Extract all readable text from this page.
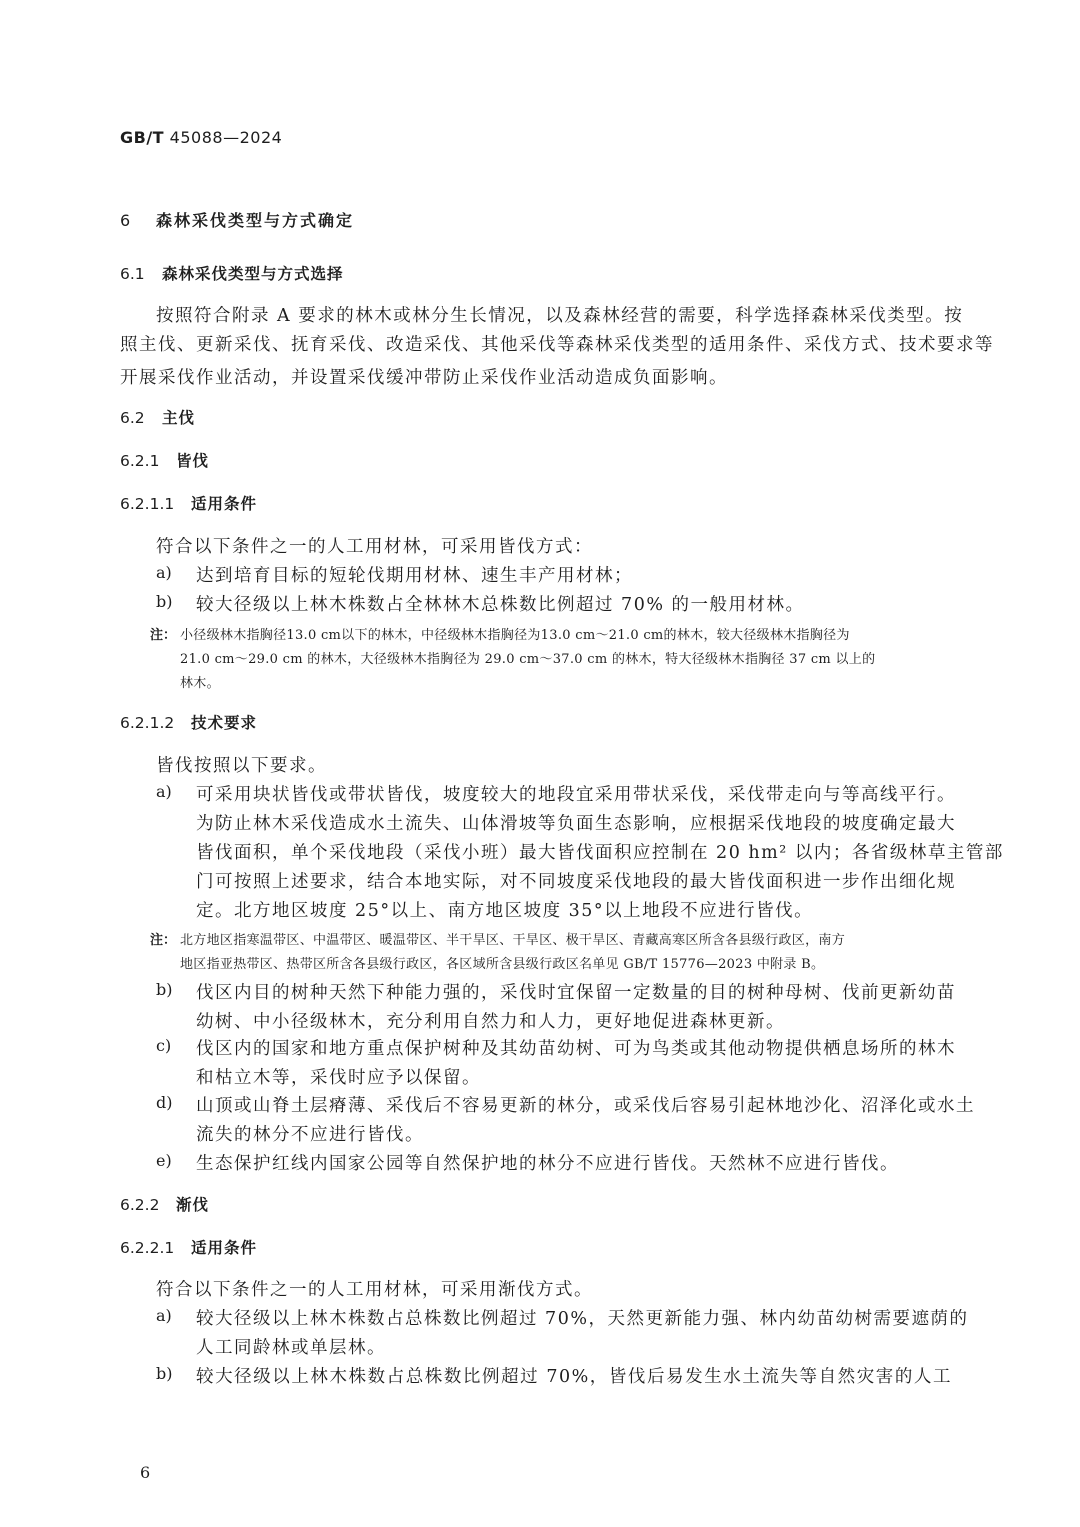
GB/T 45088—2024
6 森林采伐类型与方式确定
6.1 森林采伐类型与方式选择
按照符合附录 A 要求的林木或林分生长情况，以及森林经营的需要，科学选择森林采伐类型。按
照主伐、更新采伐、抚育采伐、改造采伐、其他采伐等森林采伐类型的适用条件、采伐方式、技术要求等
开展采伐作业活动，并设置采伐缓冲带防止采伐作业活动造成负面影响。
6.2 主伐
6.2.1 皆伐
6.2.1.1 适用条件
符合以下条件之一的人工用材林，可采用皆伐方式：
a) 达到培育目标的短轮伐期用材林、速生丰产用材林；
b) 较大径级以上林木株数占全林林木总株数比例超过 70% 的一般用材林。
注： 小径级林木指胸径13.0 cm以下的林木，中径级林木指胸径为13.0 cm～21.0 cm的林木，较大径级林木指胸径为
21.0 cm～29.0 cm 的林木，大径级林木指胸径为 29.0 cm～37.0 cm 的林木，特大径级林木指胸径 37 cm 以上的
林木。
6.2.1.2 技术要求
皆伐按照以下要求。
a) 可采用块状皆伐或带状皆伐，坡度较大的地段宜采用带状采伐，采伐带走向与等高线平行。
为防止林木采伐造成水土流失、山体滑坡等负面生态影响，应根据采伐地段的坡度确定最大
皆伐面积，单个采伐地段（采伐小班）最大皆伐面积应控制在 20 hm² 以内；各省级林草主管部
门可按照上述要求，结合本地实际，对不同坡度采伐地段的最大皆伐面积进一步作出细化规
定。北方地区坡度 25°以上、南方地区坡度 35°以上地段不应进行皆伐。
注： 北方地区指寒温带区、中温带区、暖温带区、半干旱区、干旱区、极干旱区、青藏高寒区所含各县级行政区，南方
地区指亚热带区、热带区所含各县级行政区，各区域所含县级行政区名单见 GB/T 15776—2023 中附录 B。
b) 伐区内目的树种天然下种能力强的，采伐时宜保留一定数量的目的树种母树、伐前更新幼苗
幼树、中小径级林木，充分利用自然力和人力，更好地促进森林更新。
c) 伐区内的国家和地方重点保护树种及其幼苗幼树、可为鸟类或其他动物提供栖息场所的林木
和枯立木等，采伐时应予以保留。
d) 山顶或山脊土层瘠薄、采伐后不容易更新的林分，或采伐后容易引起林地沙化、沼泽化或水土
流失的林分不应进行皆伐。
e) 生态保护红线内国家公园等自然保护地的林分不应进行皆伐。天然林不应进行皆伐。
6.2.2 渐伐
6.2.2.1 适用条件
符合以下条件之一的人工用材林，可采用渐伐方式。
a) 较大径级以上林木株数占总株数比例超过 70%，天然更新能力强、林内幼苗幼树需要遮荫的
人工同龄林或单层林。
b) 较大径级以上林木株数占总株数比例超过 70%，皆伐后易发生水土流失等自然灾害的人工
6
